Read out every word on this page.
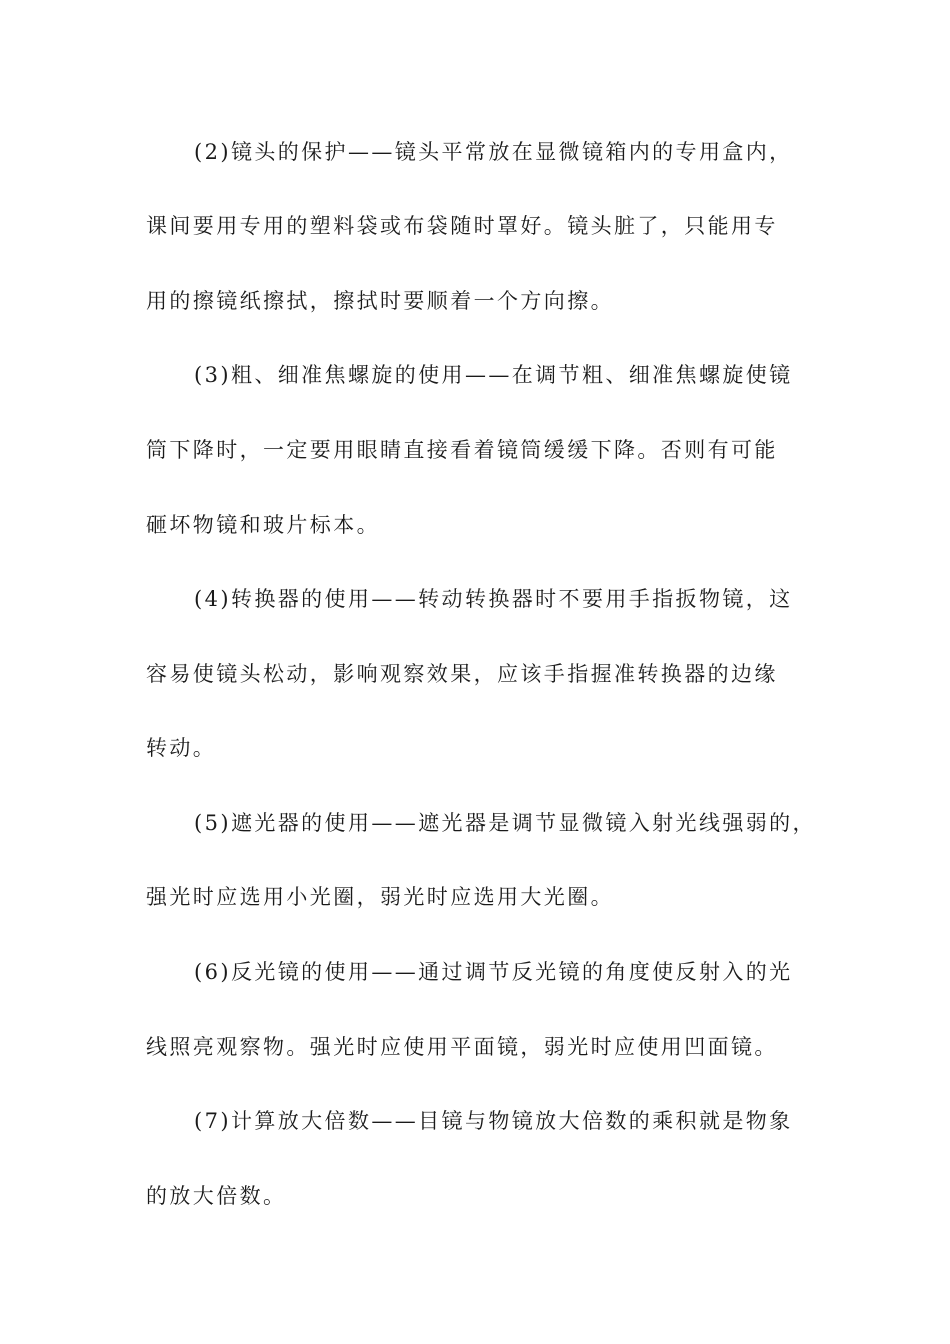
(2)镜头的保护——镜头平常放在显微镜箱内的专用盒内，
课间要用专用的塑料袋或布袋随时罩好。镜头脏了，只能用专
用的擦镜纸擦拭，擦拭时要顺着一个方向擦。
(3)粗、细准焦螺旋的使用——在调节粗、细准焦螺旋使镜
筒下降时，一定要用眼睛直接看着镜筒缓缓下降。否则有可能
砸坏物镜和玻片标本。
(4)转换器的使用——转动转换器时不要用手指扳物镜，这
容易使镜头松动，影响观察效果，应该手指握准转换器的边缘
转动。
(5)遮光器的使用——遮光器是调节显微镜入射光线强弱的，
强光时应选用小光圈，弱光时应选用大光圈。
(6)反光镜的使用——通过调节反光镜的角度使反射入的光
线照亮观察物。强光时应使用平面镜，弱光时应使用凹面镜。
(7)计算放大倍数——目镜与物镜放大倍数的乘积就是物象
的放大倍数。
